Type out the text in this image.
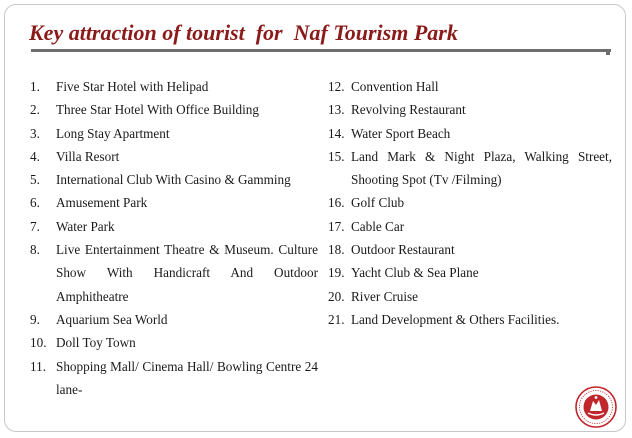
Key attraction of tourist  for  Naf Tourism Park
1. Five Star Hotel with Helipad
2. Three Star Hotel With Office Building
3. Long Stay Apartment
4. Villa Resort
5. International Club With Casino & Gamming
6. Amusement Park
7. Water Park
8. Live Entertainment Theatre & Museum. Culture Show With Handicraft And Outdoor Amphitheatre
9. Aquarium Sea World
10. Doll Toy Town
11. Shopping Mall/ Cinema Hall/ Bowling Centre 24 lane-
12. Convention Hall
13. Revolving Restaurant
14. Water Sport Beach
15. Land Mark & Night Plaza, Walking Street, Shooting Spot (Tv /Filming)
16. Golf Club
17. Cable Car
18. Outdoor Restaurant
19. Yacht Club & Sea Plane
20. River Cruise
21. Land Development & Others Facilities.
